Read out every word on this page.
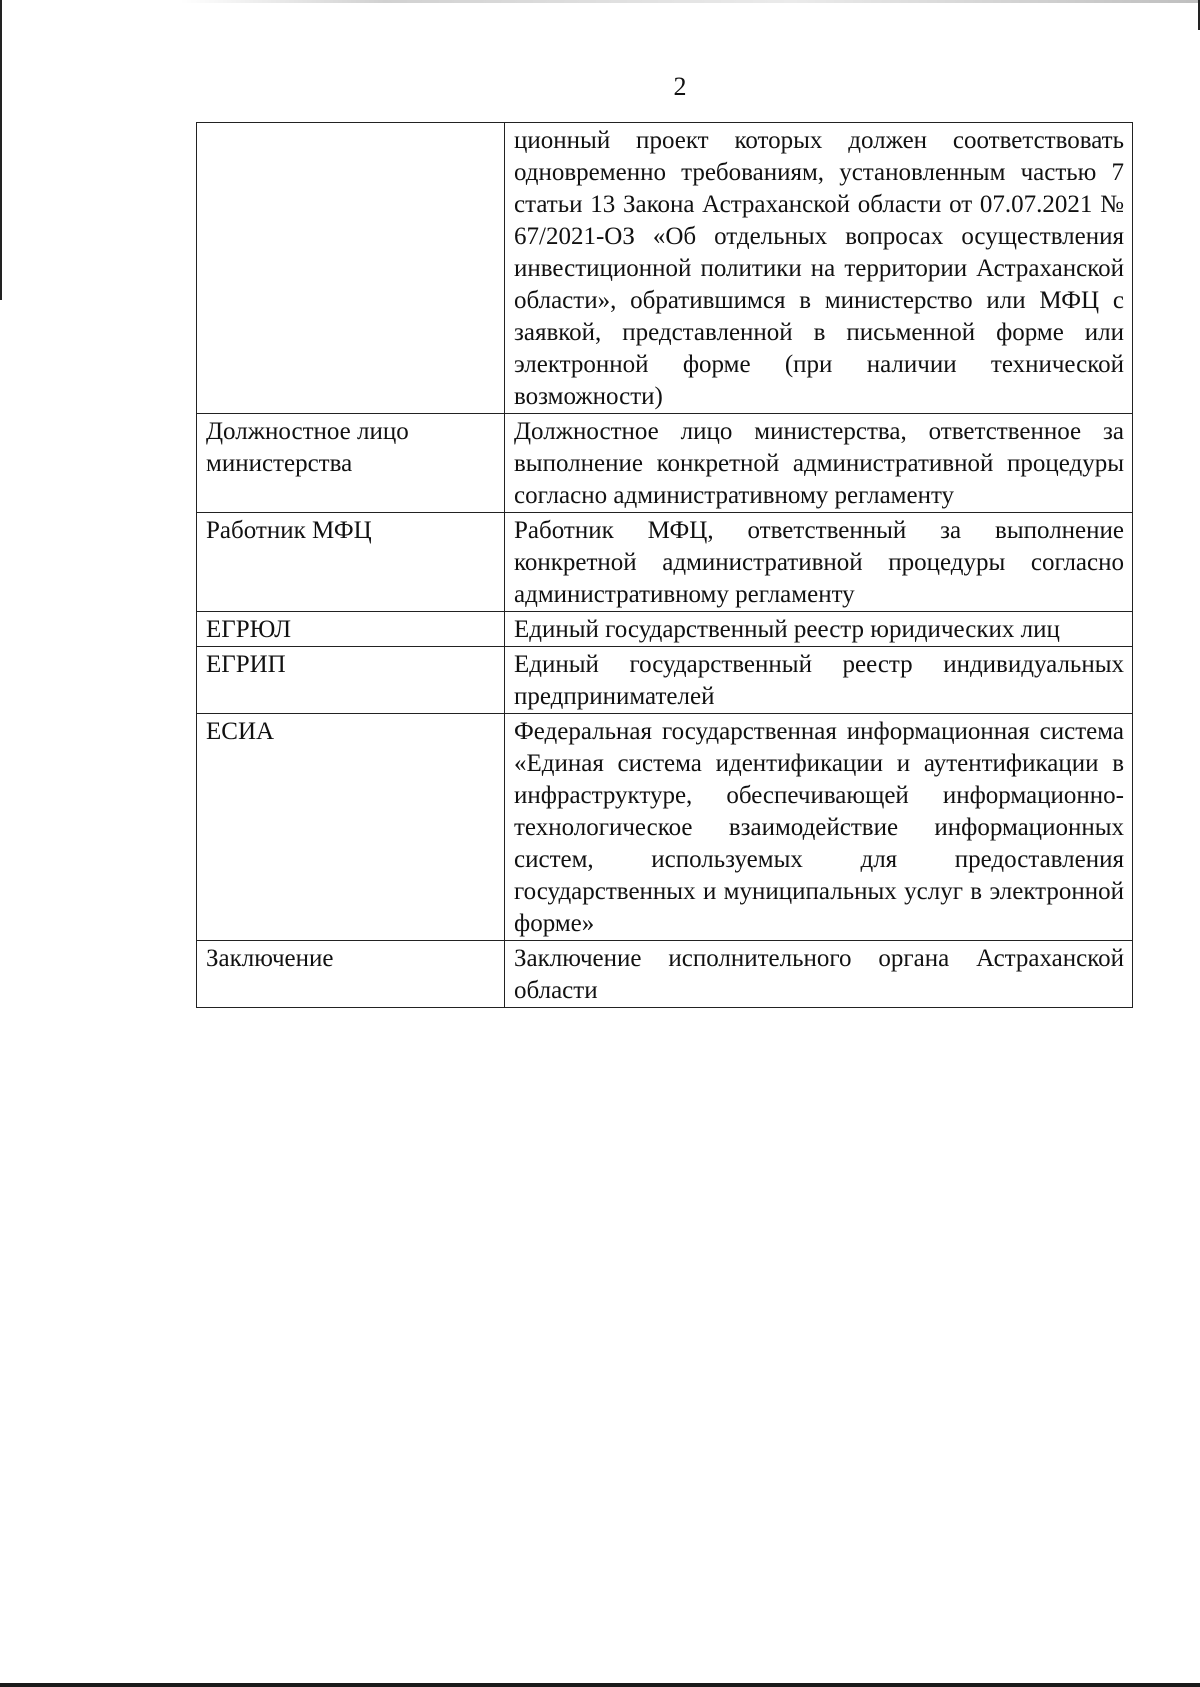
2
	ционный проект которых должен соответствовать одновременно требованиям, установленным частью 7 статьи 13 Закона Астраханской области от 07.07.2021 № 67/2021-ОЗ «Об отдельных вопросах осуществления инвестиционной политики на территории Астраханской области», обратившимся в министерство или МФЦ с заявкой, представленной в письменной форме или электронной форме (при наличии технической возможности)
Должностное лицо министерства	Должностное лицо министерства, ответственное за выполнение конкретной административной процедуры согласно административному регламенту
Работник МФЦ	Работник МФЦ, ответственный за выполнение конкретной административной процедуры согласно административному регламенту
ЕГРЮЛ	Единый государственный реестр юридических лиц
ЕГРИП	Единый государственный реестр индивидуальных предпринимателей
ЕСИА	Федеральная государственная информационная система «Единая система идентификации и аутентификации в инфраструктуре, обеспечивающей информационно-технологическое взаимодействие информационных систем, используемых для предоставления государственных и муниципальных услуг в электронной форме»
Заключение	Заключение исполнительного органа Астраханской области
